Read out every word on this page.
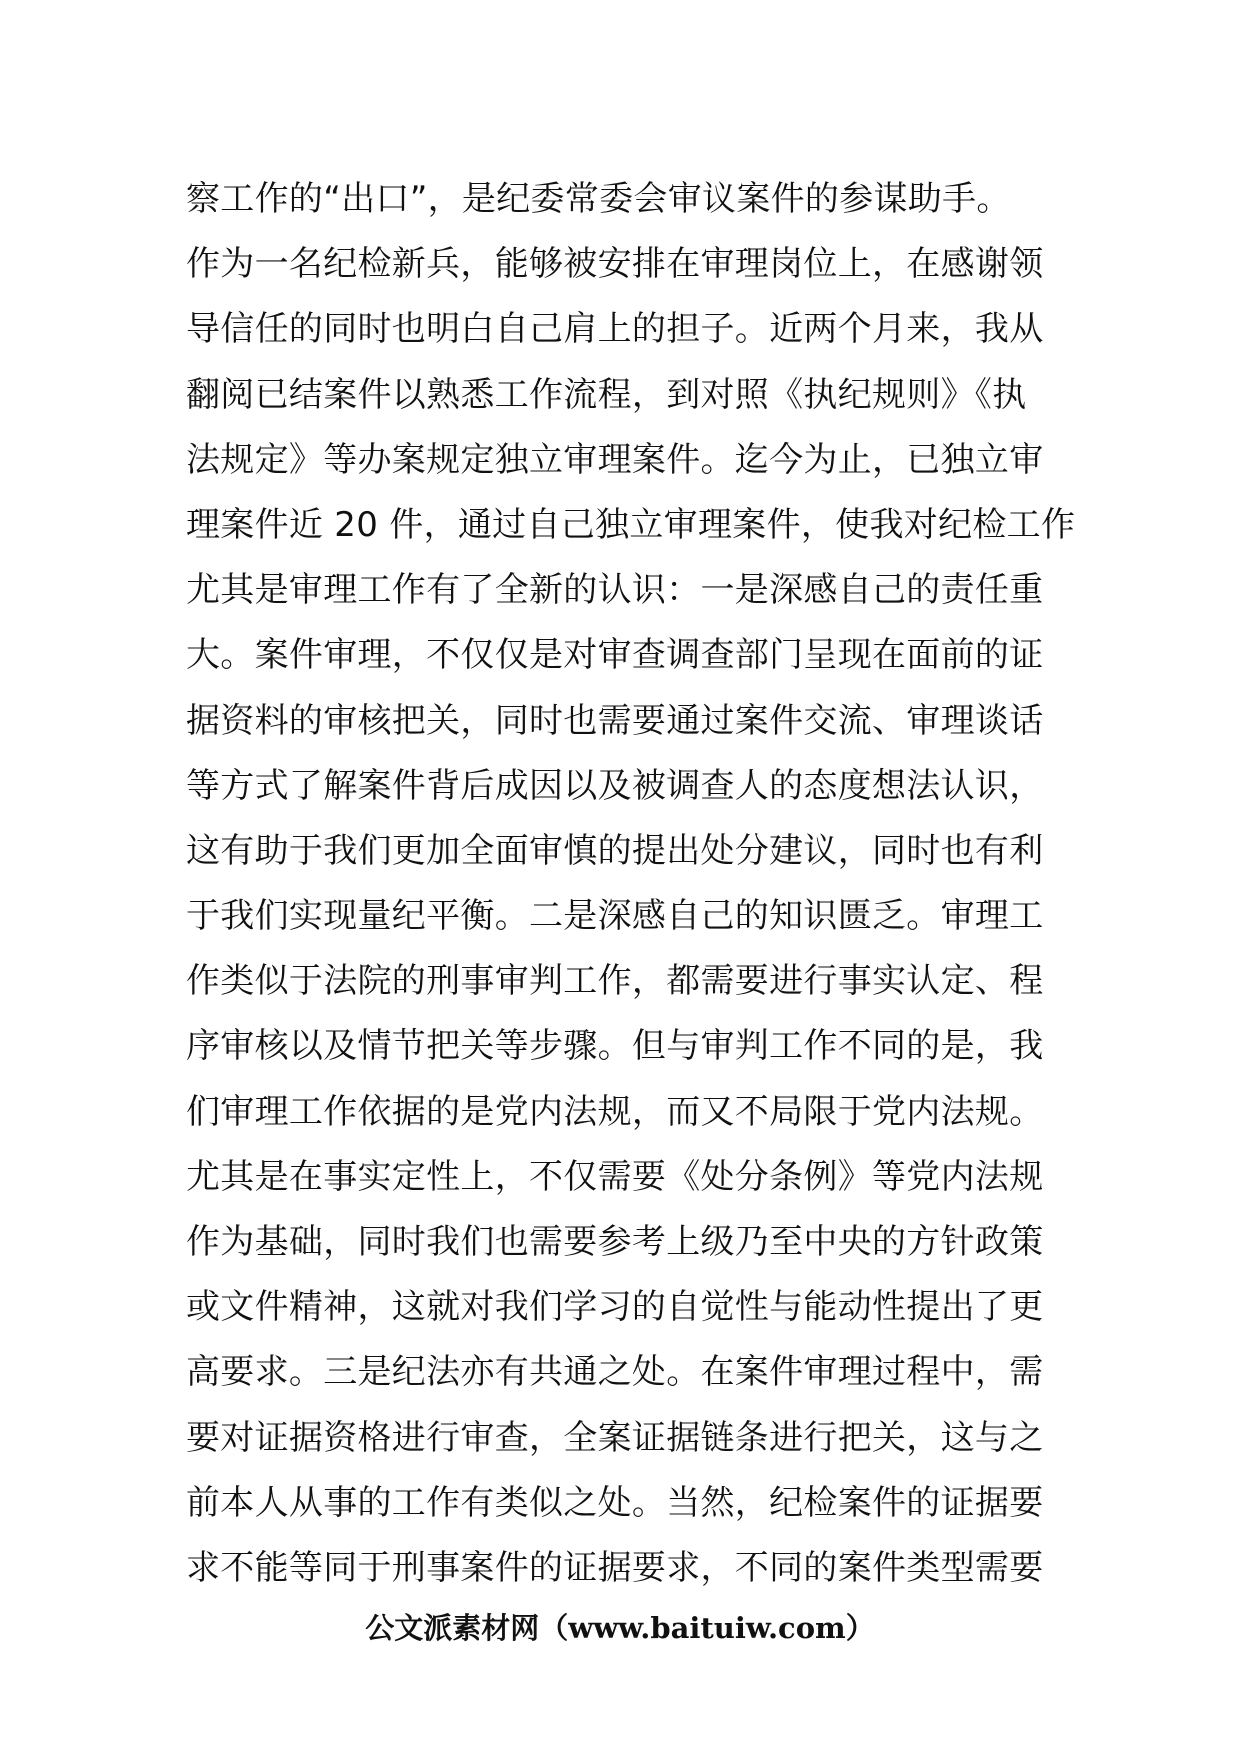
察工作的“出口”，是纪委常委会审议案件的参谋助手。
作为一名纪检新兵，能够被安排在审理岗位上，在感谢领
导信任的同时也明白自己肩上的担子。近两个月来，我从
翻阅已结案件以熟悉工作流程，到对照《执纪规则》《执
法规定》等办案规定独立审理案件。迄今为止，已独立审
理案件近 20 件，通过自己独立审理案件，使我对纪检工作
尤其是审理工作有了全新的认识：一是深感自己的责任重
大。案件审理，不仅仅是对审查调查部门呈现在面前的证
据资料的审核把关，同时也需要通过案件交流、审理谈话
等方式了解案件背后成因以及被调查人的态度想法认识，
这有助于我们更加全面审慎的提出处分建议，同时也有利
于我们实现量纪平衡。二是深感自己的知识匮乏。审理工
作类似于法院的刑事审判工作，都需要进行事实认定、程
序审核以及情节把关等步骤。但与审判工作不同的是，我
们审理工作依据的是党内法规，而又不局限于党内法规。
尤其是在事实定性上，不仅需要《处分条例》等党内法规
作为基础，同时我们也需要参考上级乃至中央的方针政策
或文件精神，这就对我们学习的自觉性与能动性提出了更
高要求。三是纪法亦有共通之处。在案件审理过程中，需
要对证据资格进行审查，全案证据链条进行把关，这与之
前本人从事的工作有类似之处。当然，纪检案件的证据要
求不能等同于刑事案件的证据要求，不同的案件类型需要
公文派素材网（www.baituiw.com）
